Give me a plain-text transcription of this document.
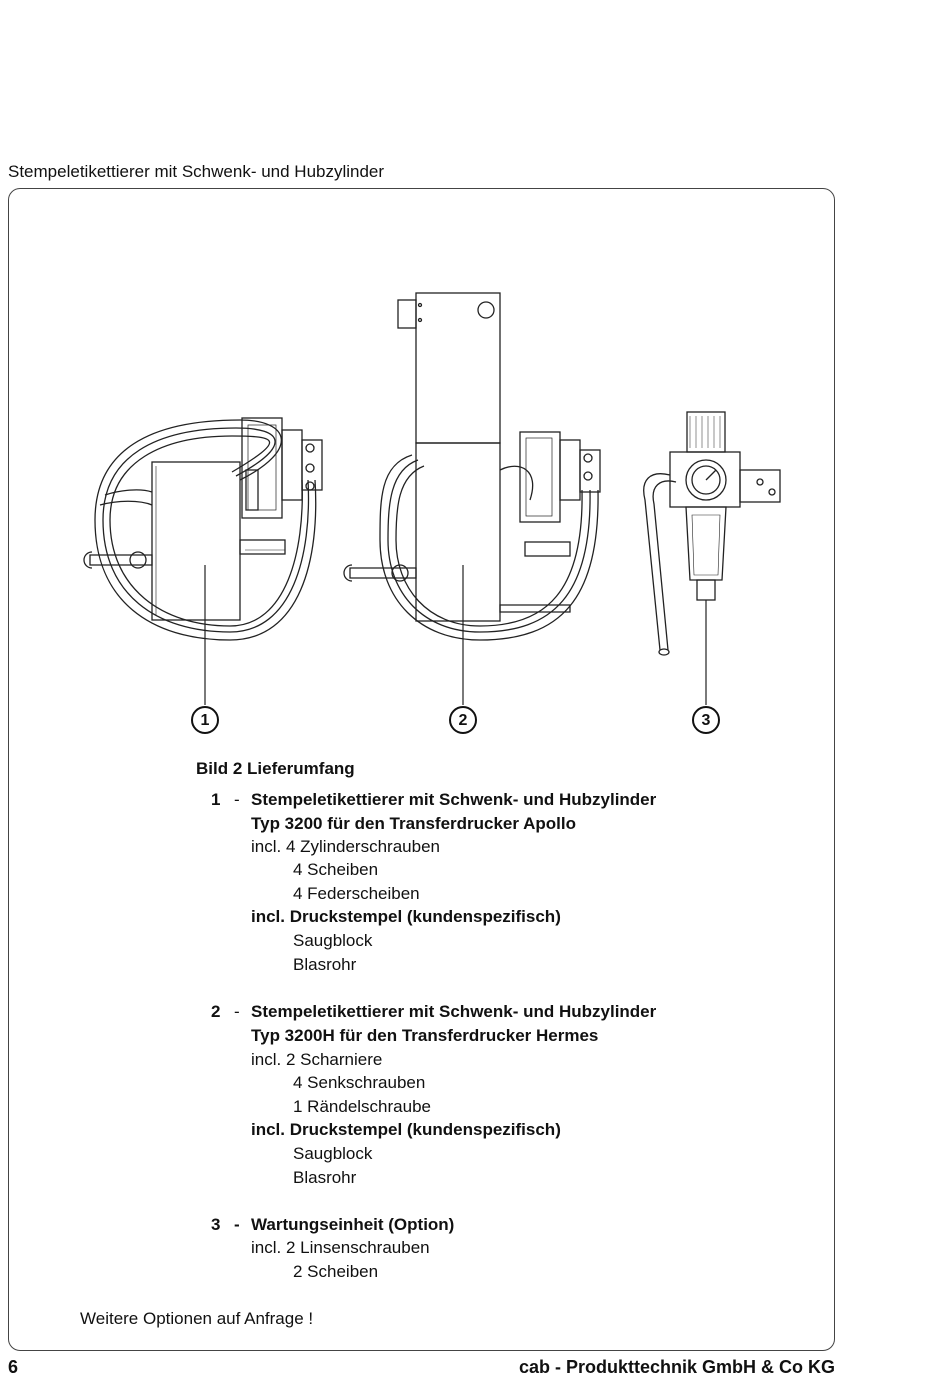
Stempeletikettierer mit Schwenk- und Hubzylinder
1	2	3
Bild 2 Lieferumfang
1 - Stempeletikettierer mit Schwenk- und Hubzylinder
Typ 3200 für den Transferdrucker Apollo
incl. 4 Zylinderschrauben
4 Scheiben
4 Federscheiben
incl. Druckstempel (kundenspezifisch)
Saugblock
Blasrohr
2 - Stempeletikettierer mit Schwenk- und Hubzylinder
Typ 3200H für den Transferdrucker Hermes
incl. 2 Scharniere
4 Senkschrauben
1 Rändelschraube
incl. Druckstempel (kundenspezifisch)
Saugblock
Blasrohr
3 - Wartungseinheit (Option)
incl. 2 Linsenschrauben
2 Scheiben
Weitere Optionen auf Anfrage !
6	cab - Produkttechnik GmbH & Co KG
